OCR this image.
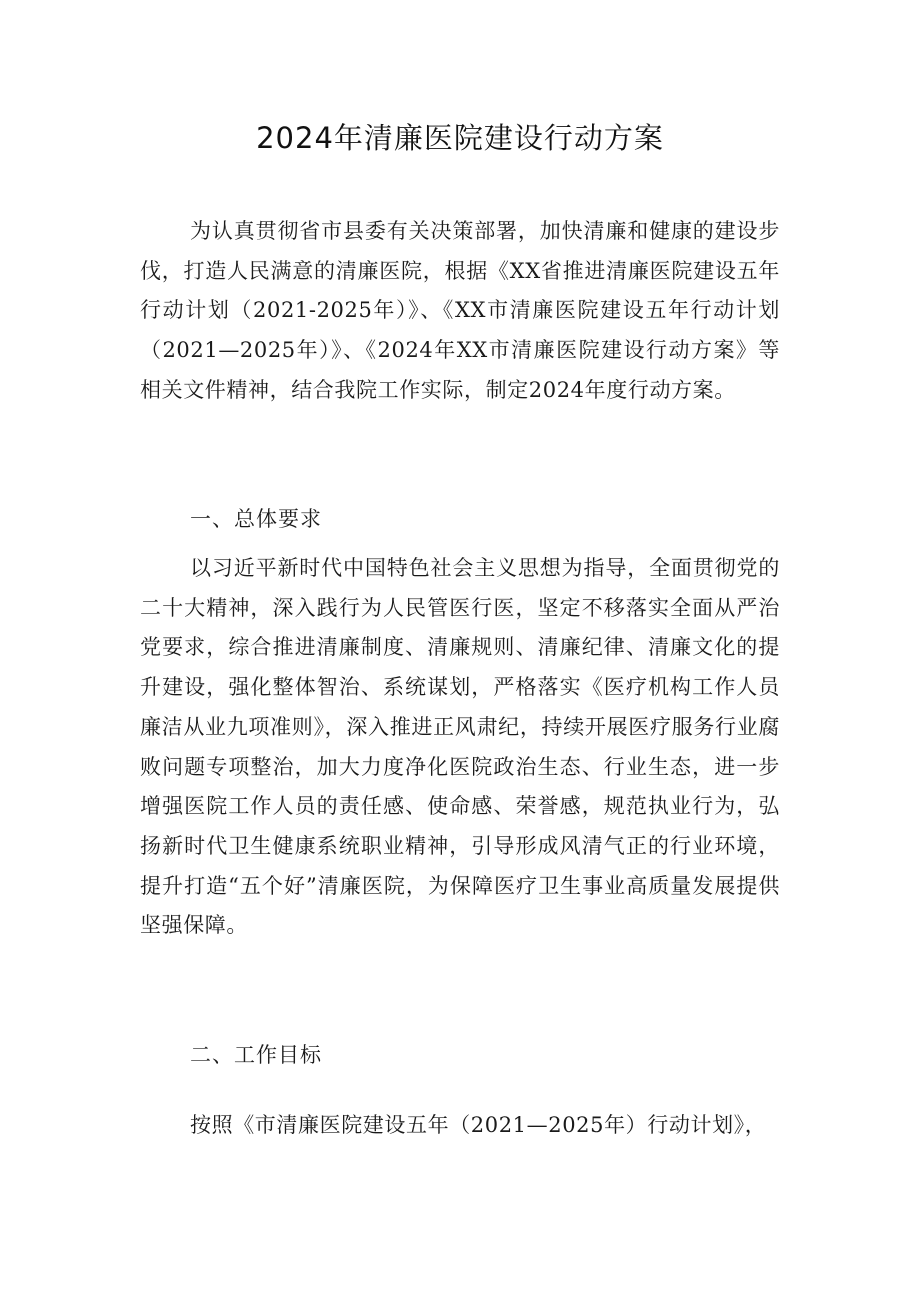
2024年清廉医院建设行动方案

为认真贯彻省市县委有关决策部署，加快清廉和健康的建设步伐，打造人民满意的清廉医院，根据《XX省推进清廉医院建设五年行动计划（2021-2025年）》、《XX市清廉医院建设五年行动计划（2021—2025年）》、《2024年XX市清廉医院建设行动方案》等相关文件精神，结合我院工作实际，制定2024年度行动方案。

一、总体要求

以习近平新时代中国特色社会主义思想为指导，全面贯彻党的二十大精神，深入践行为人民管医行医，坚定不移落实全面从严治党要求，综合推进清廉制度、清廉规则、清廉纪律、清廉文化的提升建设，强化整体智治、系统谋划，严格落实《医疗机构工作人员廉洁从业九项准则》，深入推进正风肃纪，持续开展医疗服务行业腐败问题专项整治，加大力度净化医院政治生态、行业生态，进一步增强医院工作人员的责任感、使命感、荣誉感，规范执业行为，弘扬新时代卫生健康系统职业精神，引导形成风清气正的行业环境，提升打造“五个好”清廉医院，为保障医疗卫生事业高质量发展提供坚强保障。

二、工作目标

按照《市清廉医院建设五年（2021—2025年）行动计划》，
